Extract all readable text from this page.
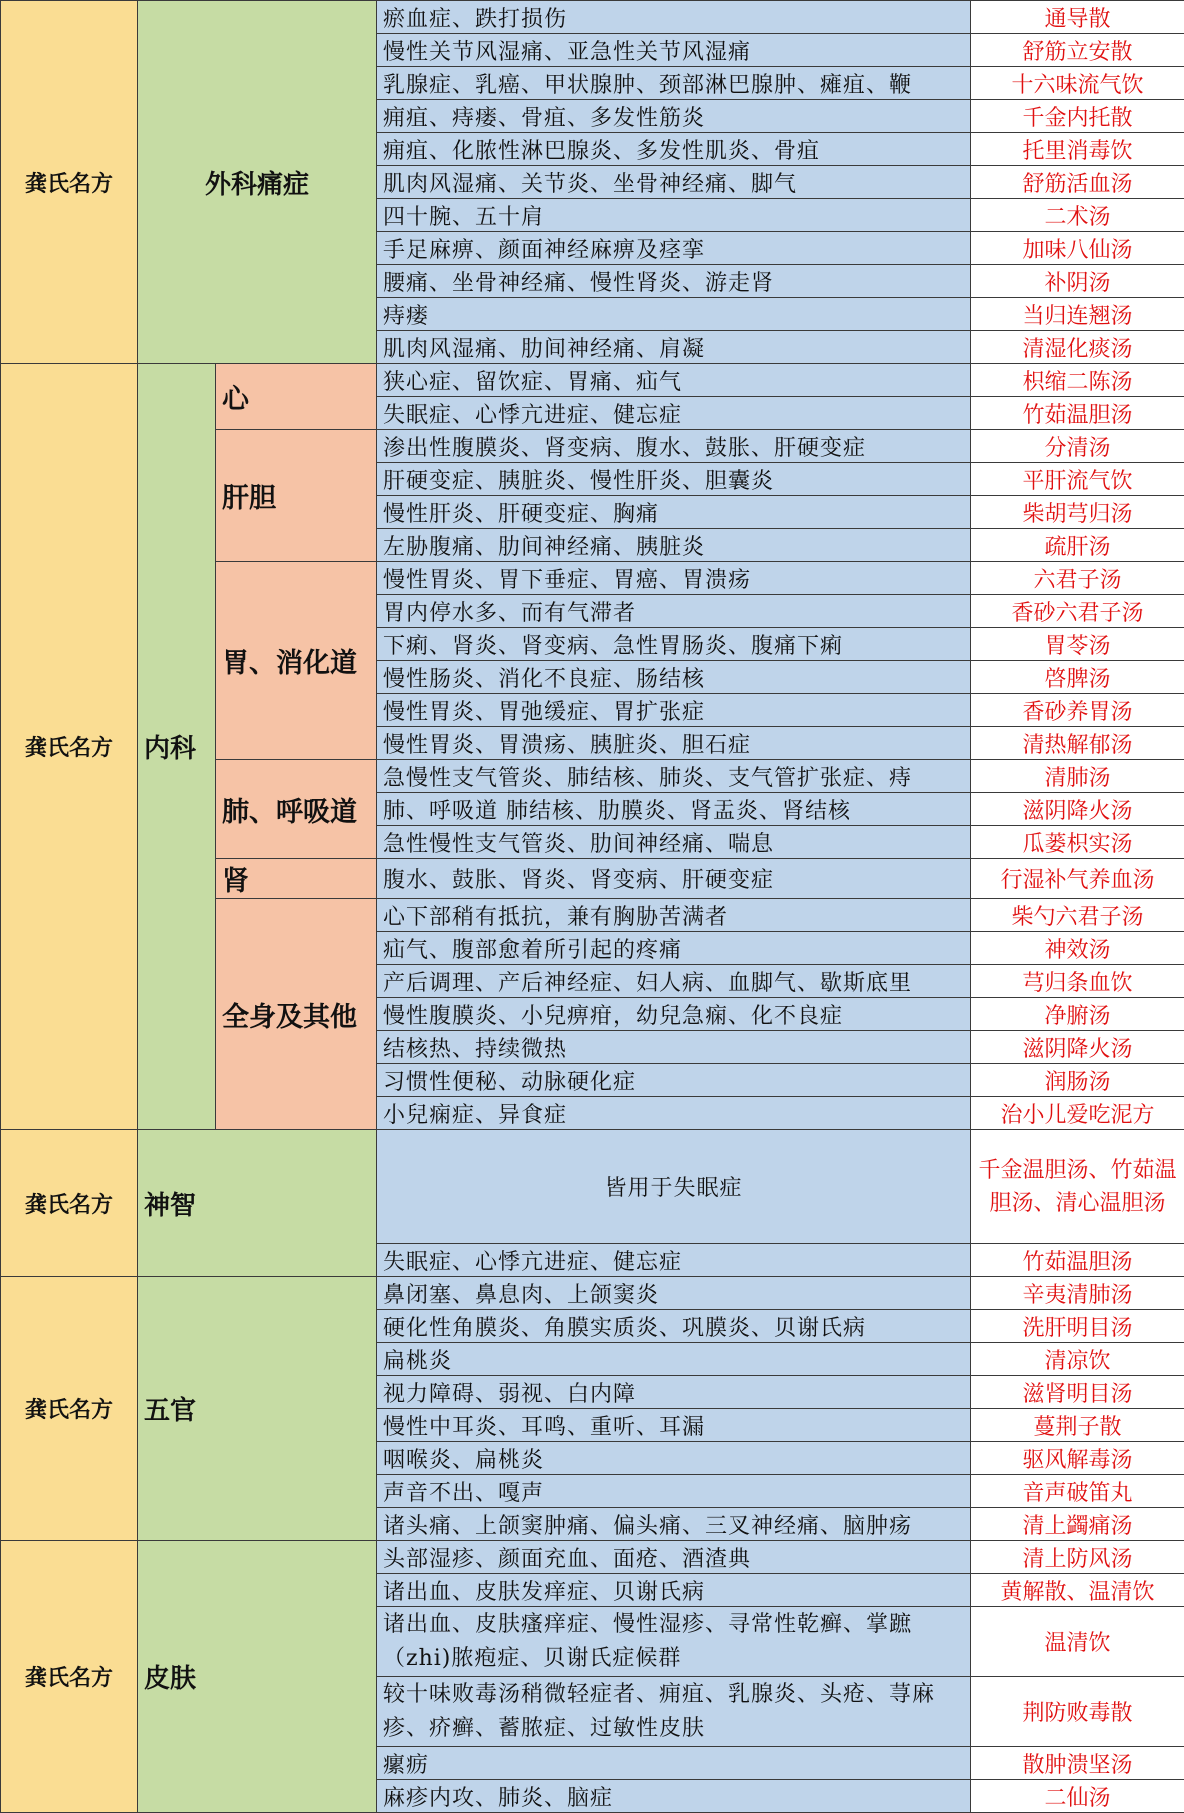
龚氏名方	外科痛症		瘀血症、跌打损伤	通导散
			慢性关节风湿痛、亚急性关节风湿痛	舒筋立安散
			乳腺症、乳癌、甲状腺肿、颈部淋巴腺肿、瘫疽、鞭	十六味流气饮
			痈疽、痔瘘、骨疽、多发性筋炎	千金内托散
			痈疽、化脓性淋巴腺炎、多发性肌炎、骨疽	托里消毒饮
			肌肉风湿痛、关节炎、坐骨神经痛、脚气	舒筋活血汤
			四十腕、五十肩	二术汤
			手足麻痹、颜面神经麻痹及痉挛	加味八仙汤
			腰痛、坐骨神经痛、慢性肾炎、游走肾	补阴汤
			痔瘘	当归连翘汤
			肌肉风湿痛、肋间神经痛、肩凝	清湿化痰汤
龚氏名方	内科	心	狭心症、留饮症、胃痛、疝气	枳缩二陈汤
			失眠症、心悸亢进症、健忘症	竹茹温胆汤
		肝胆	渗出性腹膜炎、肾变病、腹水、鼓胀、肝硬变症	分清汤
			肝硬变症、胰脏炎、慢性肝炎、胆囊炎	平肝流气饮
			慢性肝炎、肝硬变症、胸痛	柴胡芎归汤
			左胁腹痛、肋间神经痛、胰脏炎	疏肝汤
		胃、消化道	慢性胃炎、胃下垂症、胃癌、胃溃疡	六君子汤
			胃内停水多、而有气滞者	香砂六君子汤
			下痢、肾炎、肾变病、急性胃肠炎、腹痛下痢	胃苓汤
			慢性肠炎、消化不良症、肠结核	啓脾汤
			慢性胃炎、胃弛缓症、胃扩张症	香砂养胃汤
			慢性胃炎、胃溃疡、胰脏炎、胆石症	清热解郁汤
		肺、呼吸道	急慢性支气管炎、肺结核、肺炎、支气管扩张症、痔	清肺汤
			肺、呼吸道 肺结核、肋膜炎、肾盂炎、肾结核	滋阴降火汤
			急性慢性支气管炎、肋间神经痛、喘息	瓜蒌枳实汤
		肾	腹水、鼓胀、肾炎、肾变病、肝硬变症	行湿补气养血汤
		全身及其他	心下部稍有抵抗，兼有胸胁苦满者	柴勺六君子汤
			疝气、腹部愈着所引起的疼痛	神效汤
			产后调理、产后神经症、妇人病、血脚气、歇斯底里	芎归条血饮
			慢性腹膜炎、小兒痹疳，幼兒急痫、化不良症	净腑汤
			结核热、持续微热	滋阴降火汤
			习惯性便秘、动脉硬化症	润肠汤
			小兒痫症、异食症	治小儿爱吃泥方
龚氏名方	神智		皆用于失眠症	千金温胆汤、竹茹温胆汤、清心温胆汤
			失眠症、心悸亢进症、健忘症	竹茹温胆汤
龚氏名方	五官		鼻闭塞、鼻息肉、上颌窦炎	辛夷清肺汤
			硬化性角膜炎、角膜实质炎、巩膜炎、贝谢氏病	洗肝明目汤
			扁桃炎	清凉饮
			视力障碍、弱视、白内障	滋肾明目汤
			慢性中耳炎、耳鸣、重听、耳漏	蔓荆子散
			咽喉炎、扁桃炎	驱风解毒汤
			声音不出、嘎声	音声破笛丸
			诸头痛、上颌窦肿痛、偏头痛、三叉神经痛、脑肿疡	清上蠲痛汤
龚氏名方	皮肤		头部湿疹、颜面充血、面疮、酒渣典	清上防风汤
			诸出血、皮肤发痒症、贝谢氏病	黄解散、温清饮
			诸出血、皮肤瘙痒症、慢性湿疹、寻常性乾癣、掌蹠（zhi)脓疱症、贝谢氏症候群	温清饮
			较十味败毒汤稍微轻症者、痈疽、乳腺炎、头疮、荨麻疹、疥癣、蓄脓症、过敏性皮肤	荆防败毒散
			瘰疬	散肿溃坚汤
			麻疹内攻、肺炎、脑症	二仙汤
